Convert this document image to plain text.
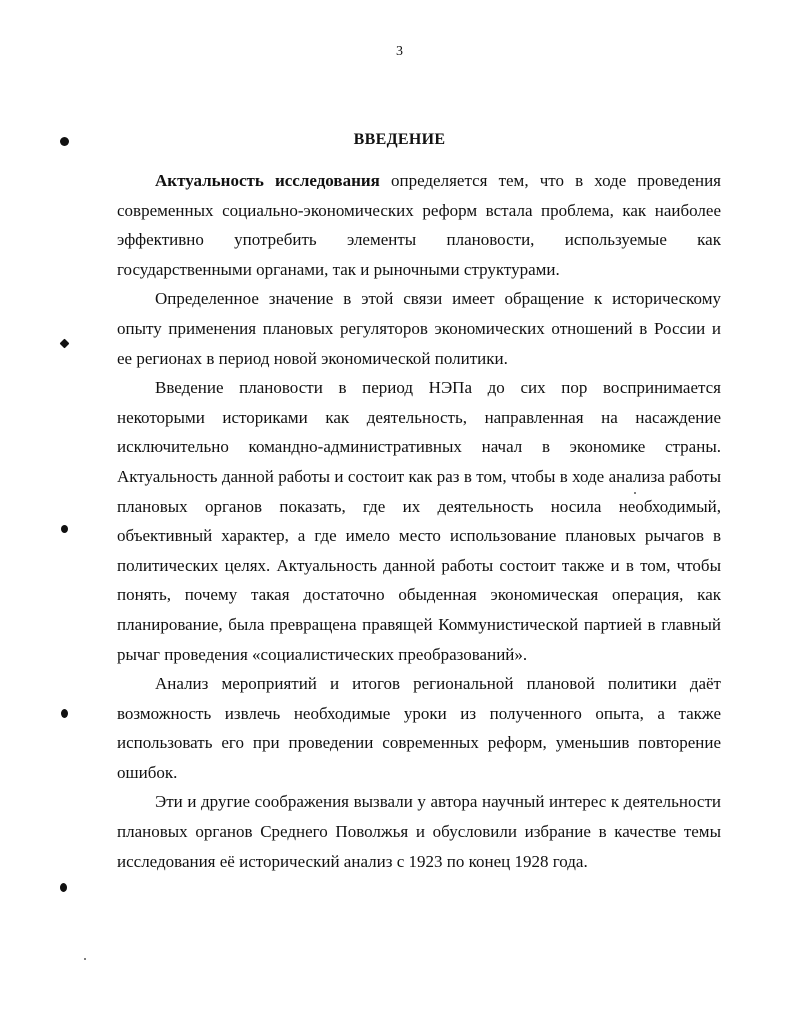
3
ВВЕДЕНИЕ

Актуальность исследования определяется тем, что в ходе проведения современных социально-экономических реформ встала проблема, как наиболее эффективно употребить элементы плановости, используемые как государственными органами, так и рыночными структурами.

Определенное значение в этой связи имеет обращение к историческому опыту применения плановых регуляторов экономических отношений в России и ее регионах в период новой экономической политики.

Введение плановости в период НЭПа до сих пор воспринимается некоторыми историками как деятельность, направленная на насаждение исключительно командно-административных начал в экономике страны. Актуальность данной работы и состоит как раз в том, чтобы в ходе анализа работы плановых органов показать, где их деятельность носила необходимый, объективный характер, а где имело место использование плановых рычагов в политических целях. Актуальность данной работы состоит также и в том, чтобы понять, почему такая достаточно обыденная экономическая операция, как планирование, была превращена правящей Коммунистической партией в главный рычаг проведения «социалистических преобразований».

Анализ мероприятий и итогов региональной плановой политики даёт возможность извлечь необходимые уроки из полученного опыта, а также использовать его при проведении современных реформ, уменьшив повторение ошибок.

Эти и другие соображения вызвали у автора научный интерес к деятельности плановых органов Среднего Поволжья и обусловили избрание в качестве темы исследования её исторический анализ с 1923 по конец 1928 года.
